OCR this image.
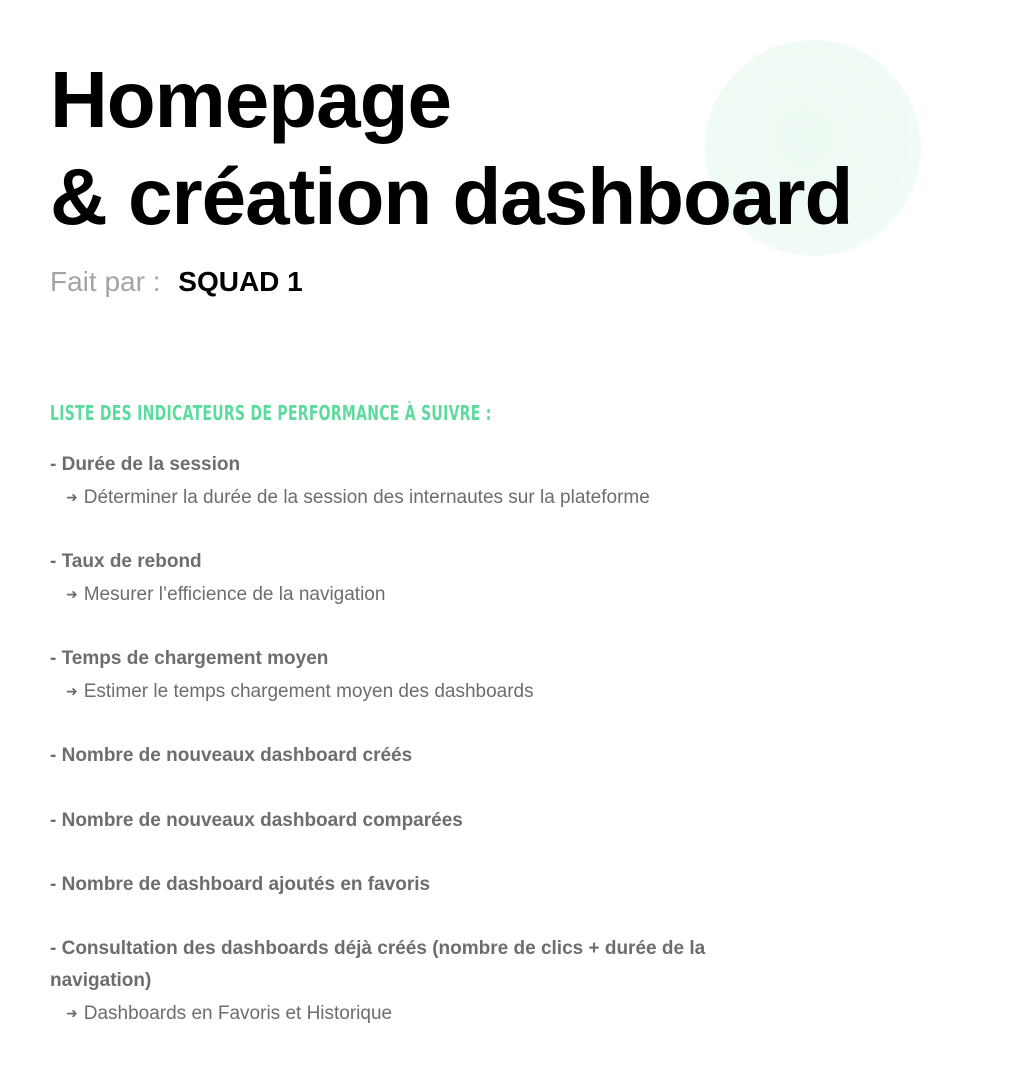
Homepage
& création dashboard
Fait par : SQUAD 1
LISTE DES INDICATEURS DE PERFORMANCE À SUIVRE :
- Durée de la session
➜ Déterminer la durée de la session des internautes sur la plateforme
- Taux de rebond
➜ Mesurer l’efficience de la navigation
- Temps de chargement moyen
➜ Estimer le temps chargement moyen des dashboards
- Nombre de nouveaux dashboard créés
- Nombre de nouveaux dashboard comparées
- Nombre de dashboard ajoutés en favoris
- Consultation des dashboards déjà créés (nombre de clics + durée de la navigation)
➜ Dashboards en Favoris et Historique
